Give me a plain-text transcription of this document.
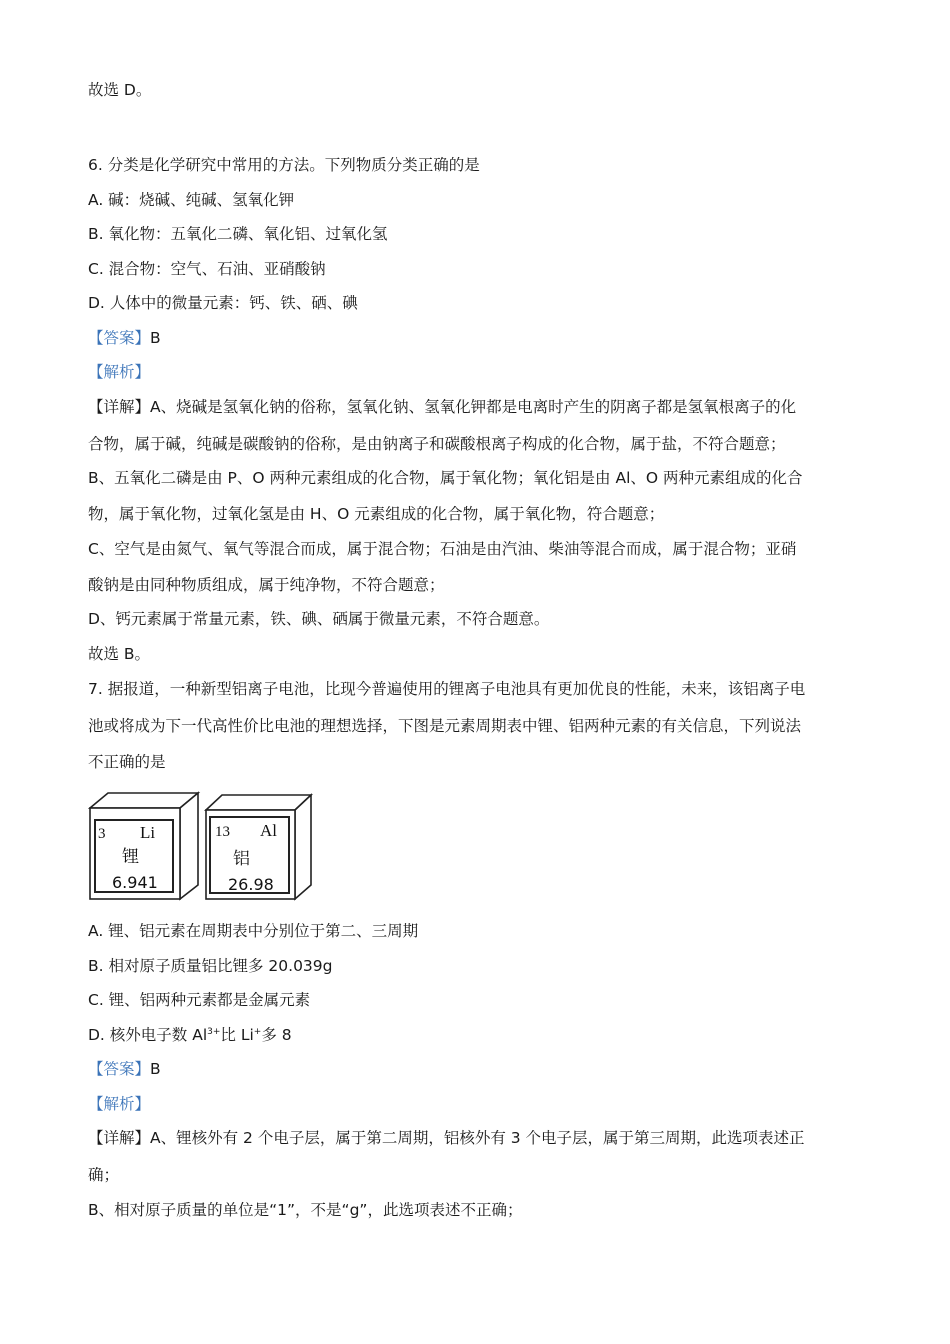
故选 D。
6. 分类是化学研究中常用的方法。下列物质分类正确的是
A. 碱：烧碱、纯碱、氢氧化钾
B. 氧化物：五氧化二磷、氧化铝、过氧化氢
C. 混合物：空气、石油、亚硝酸钠
D. 人体中的微量元素：钙、铁、硒、碘
【答案】B
【解析】
【详解】A、烧碱是氢氧化钠的俗称，氢氧化钠、氢氧化钾都是电离时产生的阴离子都是氢氧根离子的化
合物，属于碱，纯碱是碳酸钠的俗称，是由钠离子和碳酸根离子构成的化合物，属于盐，不符合题意；
B、五氧化二磷是由 P、O 两种元素组成的化合物，属于氧化物；氧化铝是由 Al、O 两种元素组成的化合
物，属于氧化物，过氧化氢是由 H、O 元素组成的化合物，属于氧化物，符合题意；
C、空气是由氮气、氧气等混合而成，属于混合物；石油是由汽油、柴油等混合而成，属于混合物；亚硝
酸钠是由同种物质组成，属于纯净物，不符合题意；
D、钙元素属于常量元素，铁、碘、硒属于微量元素，不符合题意。
故选 B。
7. 据报道，一种新型铝离子电池，比现今普遍使用的锂离子电池具有更加优良的性能，未来，该铝离子电
池或将成为下一代高性价比电池的理想选择，下图是元素周期表中锂、铝两种元素的有关信息，下列说法
不正确的是
3 Li
锂
6.941
13 Al
铝
26.98
A. 锂、铝元素在周期表中分别位于第二、三周期
B. 相对原子质量铝比锂多 20.039g
C. 锂、铝两种元素都是金属元素
D. 核外电子数 $Al^{3+}$比 Li+多 8
【答案】B
【解析】
【详解】A、锂核外有 2 个电子层，属于第二周期，铝核外有 3 个电子层，属于第三周期，此选项表述正
确；
B、相对原子质量的单位是“1”，不是“g”，此选项表述不正确；
